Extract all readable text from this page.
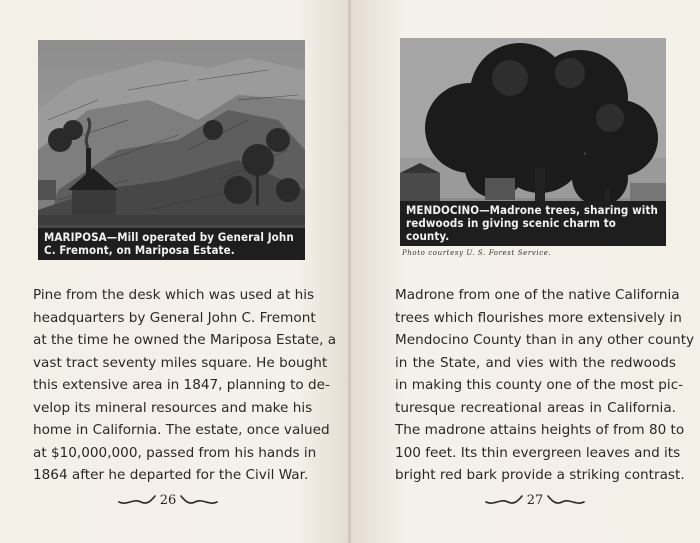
MARIPOSA—Mill operated by General John
C. Fremont, on Mariposa Estate.
Pine from the desk which was used at his
headquarters by General John C. Fremont
at the time he owned the Mariposa Estate, a
vast tract seventy miles square. He bought
this extensive area in 1847, planning to de-
velop its mineral resources and make his
home in California. The estate, once valued
at $10,000,000, passed from his hands in
1864 after he departed for the Civil War.
26
MENDOCINO—Madrone trees, sharing with
redwoods in giving scenic charm to county.
Photo courtesy U. S. Forest Service.
Madrone from one of the native California
trees which flourishes more extensively in
Mendocino County than in any other county
in the State, and vies with the redwoods
in making this county one of the most pic-
turesque recreational areas in California.
The madrone attains heights of from 80 to
100 feet. Its thin evergreen leaves and its
bright red bark provide a striking contrast.
27
